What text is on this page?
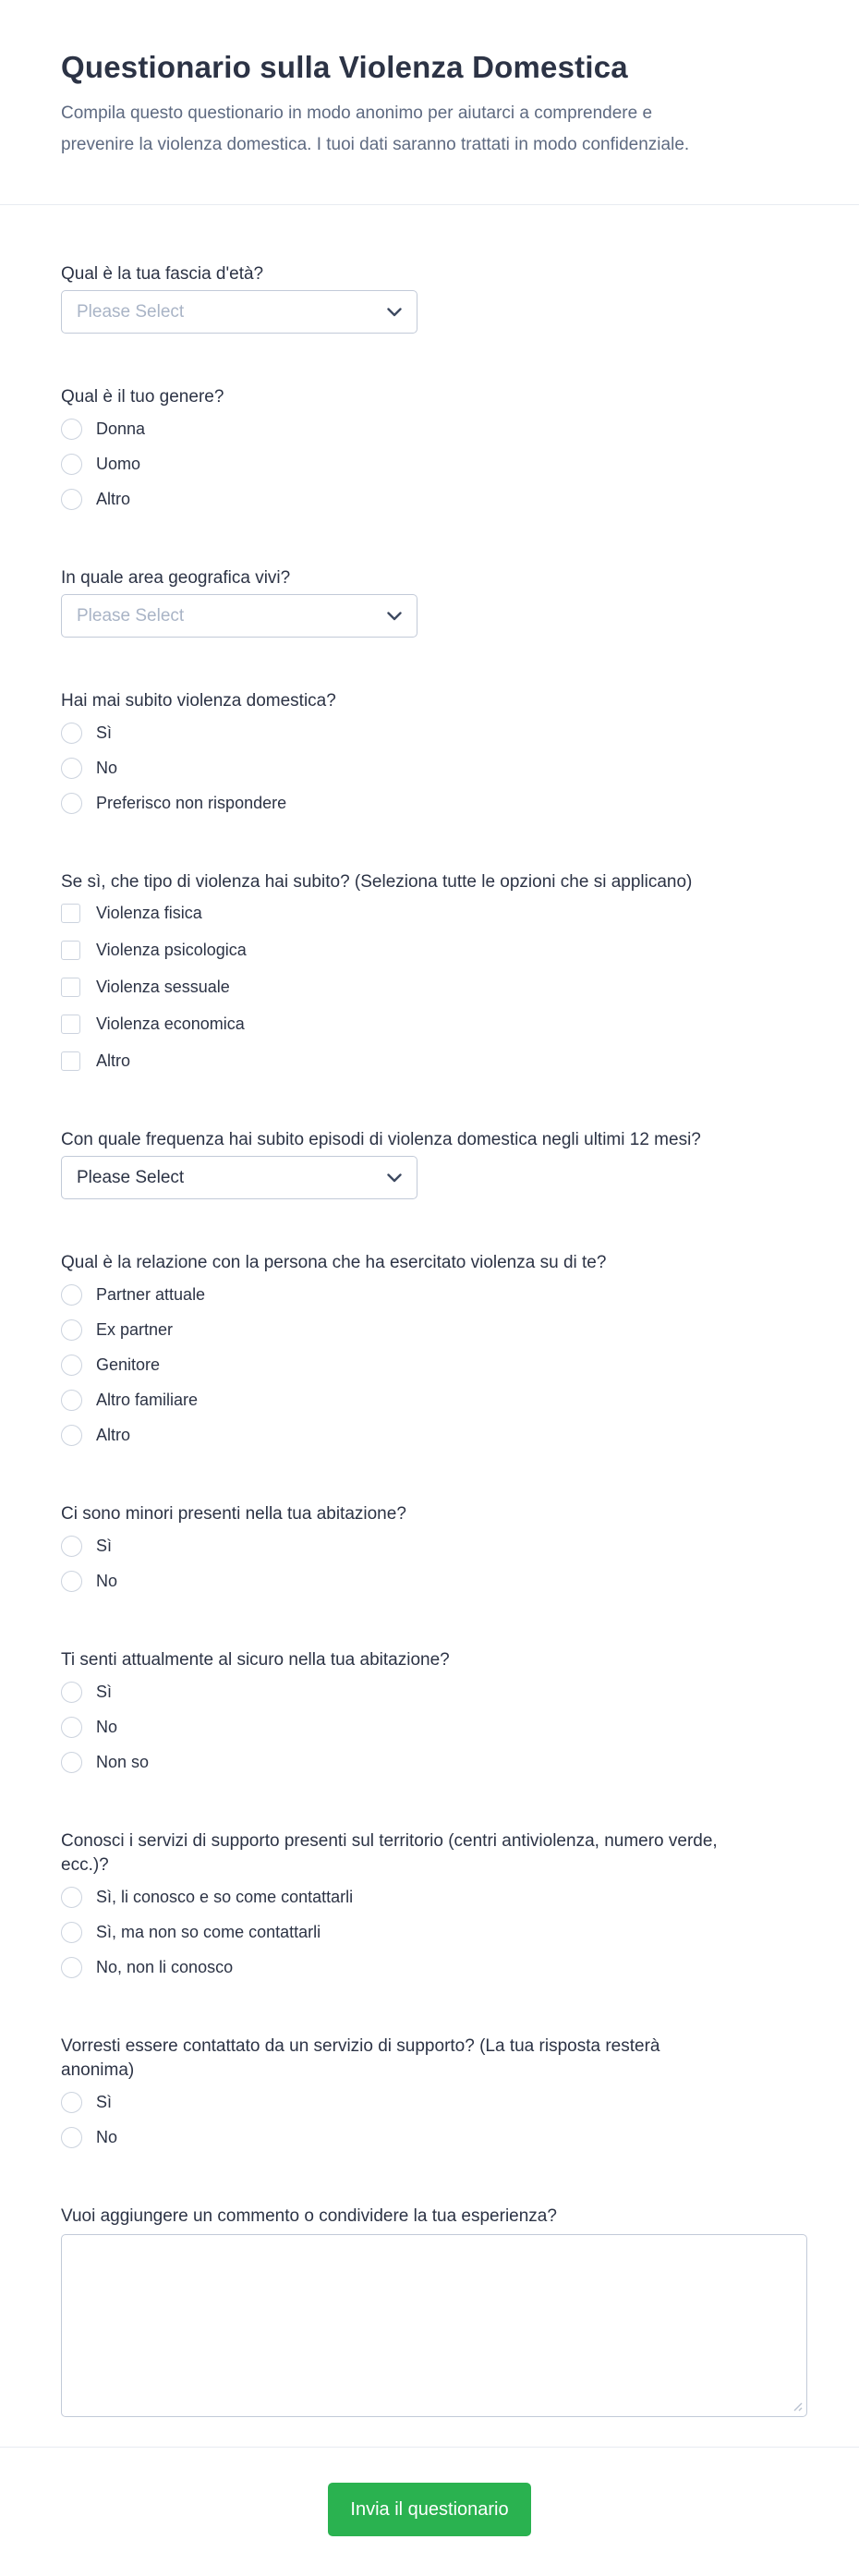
Questionario sulla Violenza Domestica

Compila questo questionario in modo anonimo per aiutarci a comprendere e
prevenire la violenza domestica. I tuoi dati saranno trattati in modo confidenziale.

Qual è la tua fascia d'età?
Please Select
Qual è il tuo genere?
Donna
Uomo
Altro
In quale area geografica vivi?
Please Select
Hai mai subito violenza domestica?
Sì
No
Preferisco non rispondere
Se sì, che tipo di violenza hai subito? (Seleziona tutte le opzioni che si applicano)
Violenza fisica
Violenza psicologica
Violenza sessuale
Violenza economica
Altro
Con quale frequenza hai subito episodi di violenza domestica negli ultimi 12 mesi?
Please Select
Qual è la relazione con la persona che ha esercitato violenza su di te?
Partner attuale
Ex partner
Genitore
Altro familiare
Altro
Ci sono minori presenti nella tua abitazione?
Sì
No
Ti senti attualmente al sicuro nella tua abitazione?
Sì
No
Non so
Conosci i servizi di supporto presenti sul territorio (centri antiviolenza, numero verde,
ecc.)?
Sì, li conosco e so come contattarli
Sì, ma non so come contattarli
No, non li conosco
Vorresti essere contattato da un servizio di supporto? (La tua risposta resterà
anonima)
Sì
No
Vuoi aggiungere un commento o condividere la tua esperienza?
Invia il questionario
